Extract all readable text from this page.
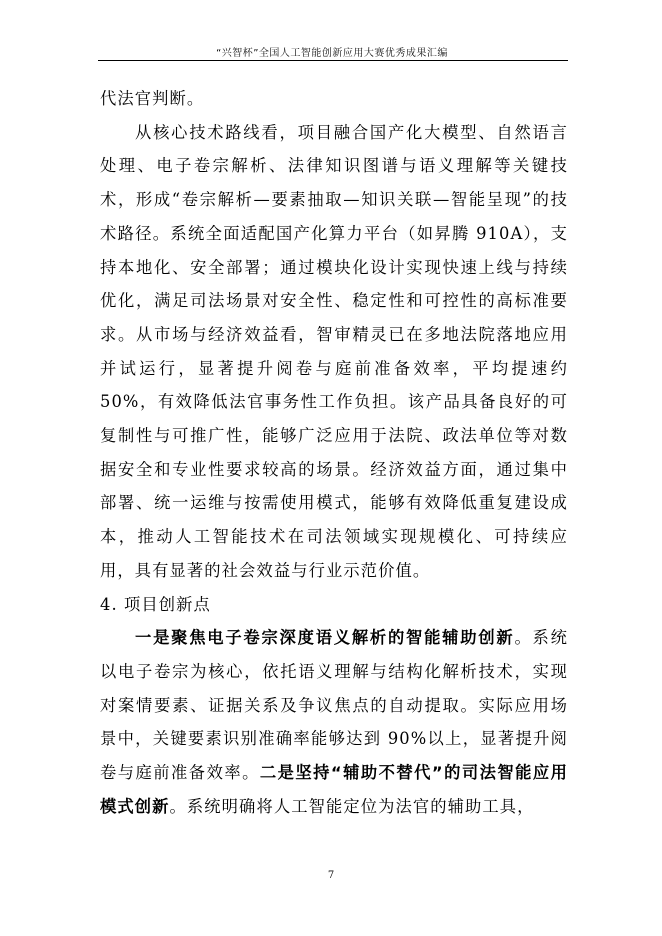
“兴智杯”全国人工智能创新应用大赛优秀成果汇编

代法官判断。

从核心技术路线看，项目融合国产化大模型、自然语言处理、电子卷宗解析、法律知识图谱与语义理解等关键技术，形成“卷宗解析—要素抽取—知识关联—智能呈现”的技术路径。系统全面适配国产化算力平台（如昇腾 910A），支持本地化、安全部署；通过模块化设计实现快速上线与持续优化，满足司法场景对安全性、稳定性和可控性的高标准要求。从市场与经济效益看，智审精灵已在多地法院落地应用并试运行，显著提升阅卷与庭前准备效率，平均提速约 50%，有效降低法官事务性工作负担。该产品具备良好的可复制性与可推广性，能够广泛应用于法院、政法单位等对数据安全和专业性要求较高的场景。经济效益方面，通过集中部署、统一运维与按需使用模式，能够有效降低重复建设成本，推动人工智能技术在司法领域实现规模化、可持续应用，具有显著的社会效益与行业示范价值。

4. 项目创新点

一是聚焦电子卷宗深度语义解析的智能辅助创新。系统以电子卷宗为核心，依托语义理解与结构化解析技术，实现对案情要素、证据关系及争议焦点的自动提取。实际应用场景中，关键要素识别准确率能够达到 90%以上，显著提升阅卷与庭前准备效率。二是坚持“辅助不替代”的司法智能应用模式创新。系统明确将人工智能定位为法官的辅助工具，

7
